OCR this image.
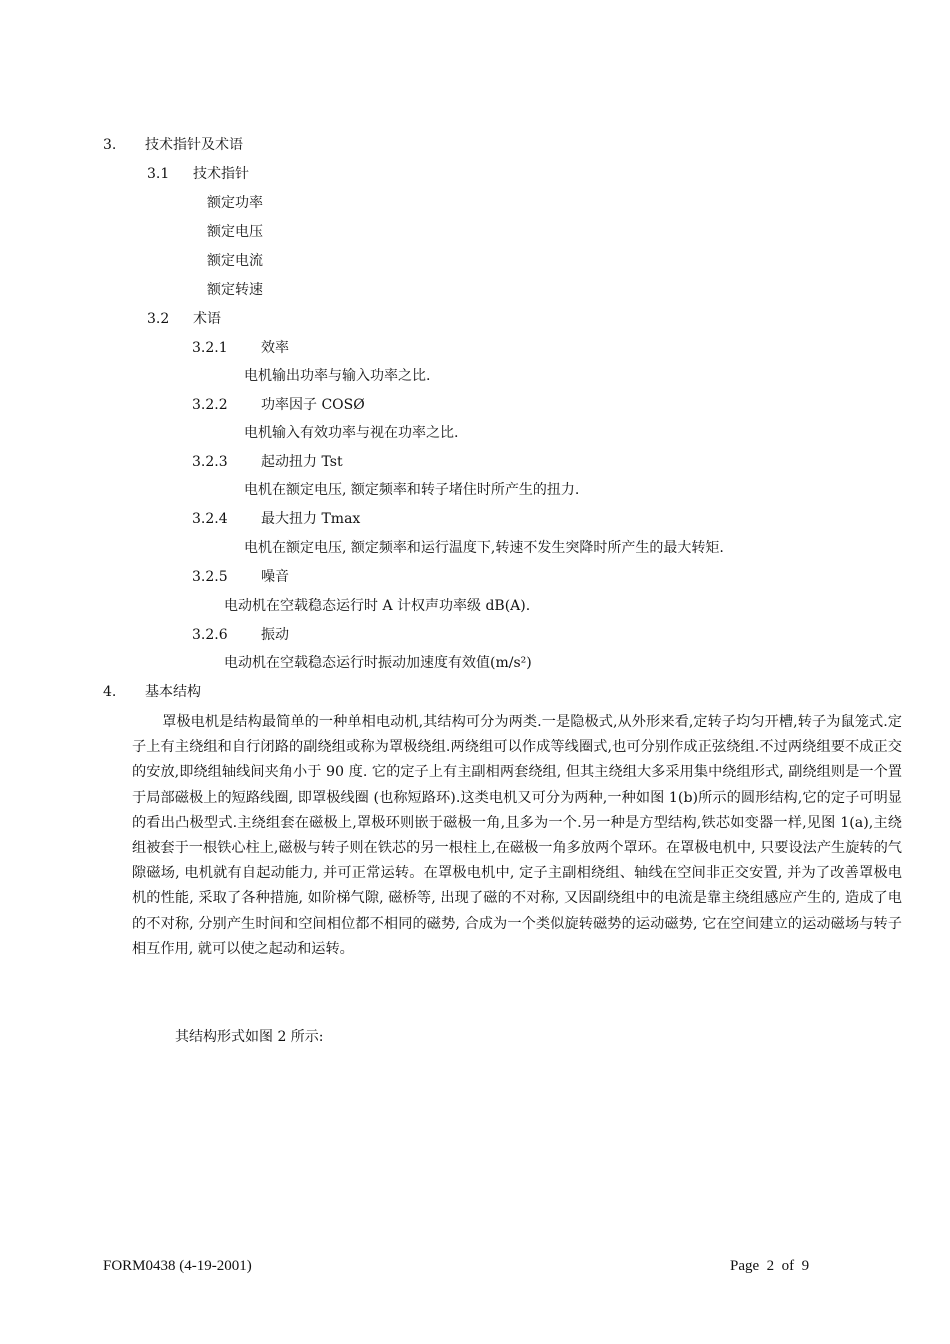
3. 技术指针及术语
3.1 技术指针
额定功率
额定电压
额定电流
额定转速
3.2 术语
3.2.1 效率
电机输出功率与输入功率之比.
3.2.2 功率因子 COSØ
电机输入有效功率与视在功率之比.
3.2.3 起动扭力 Tst
电机在额定电压, 额定频率和转子堵住时所产生的扭力.
3.2.4 最大扭力 Tmax
电机在额定电压, 额定频率和运行温度下,转速不发生突降时所产生的最大转矩.
3.2.5 噪音
电动机在空载稳态运行时 A 计权声功率级 dB(A).
3.2.6 振动
电动机在空载稳态运行时振动加速度有效值(m/s²)
4. 基本结构
罩极电机是结构最简单的一种单相电动机,其结构可分为两类.一是隐极式,从外形来看,定转子均匀开槽,转子为鼠笼式.定子上有主绕组和自行闭路的副绕组或称为罩极绕组.两绕组可以作成等线圈式,也可分别作成正弦绕组.不过两绕组要不成正交的安放,即绕组轴线间夹角小于 90 度. 它的定子上有主副相两套绕组, 但其主绕组大多采用集中绕组形式, 副绕组则是一个置于局部磁极上的短路线圈, 即罩极线圈 (也称短路环).这类电机又可分为两种,一种如图 1(b)所示的圆形结构,它的定子可明显的看出凸极型式.主绕组套在磁极上,罩极环则嵌于磁极一角,且多为一个.另一种是方型结构,铁芯如变器一样,见图 1(a),主绕组被套于一根铁心柱上,磁极与转子则在铁芯的另一根柱上,在磁极一角多放两个罩环。在罩极电机中, 只要设法产生旋转的气隙磁场, 电机就有自起动能力, 并可正常运转。在罩极电机中, 定子主副相绕组、轴线在空间非正交安置, 并为了改善罩极电机的性能, 采取了各种措施, 如阶梯气隙, 磁桥等, 出现了磁的不对称, 又因副绕组中的电流是靠主绕组感应产生的, 造成了电的不对称, 分别产生时间和空间相位都不相同的磁势, 合成为一个类似旋转磁势的运动磁势, 它在空间建立的运动磁场与转子相互作用, 就可以使之起动和运转。
其结构形式如图 2 所示:
FORM0438 (4-19-2001)	Page  2  of  9
